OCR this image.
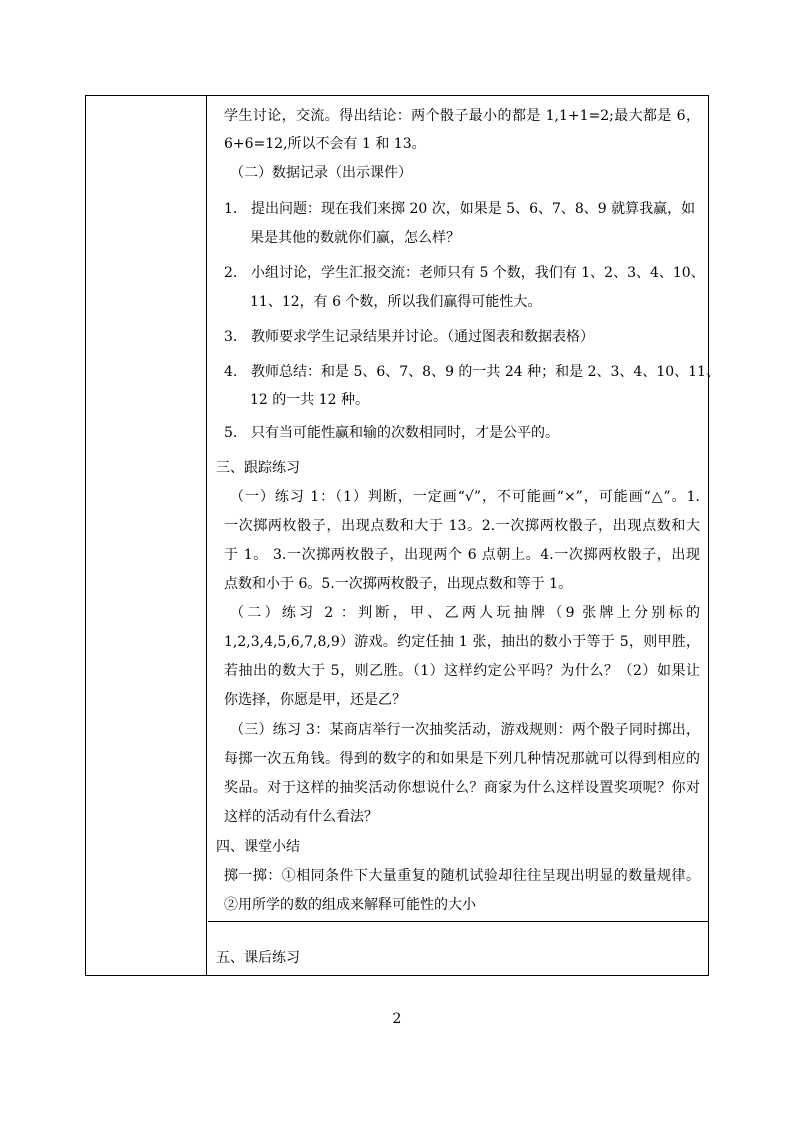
学生讨论，交流。得出结论：两个骰子最小的都是 1,1+1=2;最大都是 6，
6+6=12,所以不会有 1 和 13。
（二）数据记录（出示课件）
1. 提出问题：现在我们来掷 20 次，如果是 5、6、7、8、9 就算我赢，如
果是其他的数就你们赢，怎么样？
2. 小组讨论，学生汇报交流：老师只有 5 个数，我们有 1、2、3、4、10、
11、12，有 6 个数，所以我们赢得可能性大。
3. 教师要求学生记录结果并讨论。（通过图表和数据表格）
4. 教师总结：和是 5、6、7、8、9 的一共 24 种；和是 2、3、4、10、11、
12 的一共 12 种。
5. 只有当可能性赢和输的次数相同时，才是公平的。
三、跟踪练习
（一）练习 1：（1）判断，一定画“√”，不可能画“×”，可能画“△”。1.
一次掷两枚骰子，出现点数和大于 13。2.一次掷两枚骰子，出现点数和大
于 1。 3.一次掷两枚骰子，出现两个 6 点朝上。4.一次掷两枚骰子，出现
点数和小于 6。5.一次掷两枚骰子，出现点数和等于 1。
（二）练习 2 ：判断，甲、乙两人玩抽牌（9 张牌上分别标的
1,2,3,4,5,6,7,8,9）游戏。约定任抽 1 张，抽出的数小于等于 5，则甲胜，
若抽出的数大于 5，则乙胜。（1）这样约定公平吗？为什么？（2）如果让
你选择，你愿是甲，还是乙？
（三）练习 3：某商店举行一次抽奖活动，游戏规则：两个骰子同时掷出，
每掷一次五角钱。得到的数字的和如果是下列几种情况那就可以得到相应的
奖品。对于这样的抽奖活动你想说什么？商家为什么这样设置奖项呢？你对
这样的活动有什么看法？
四、课堂小结
掷一掷：①相同条件下大量重复的随机试验却往往呈现出明显的数量规律。
②用所学的数的组成来解释可能性的大小
五、课后练习
2
